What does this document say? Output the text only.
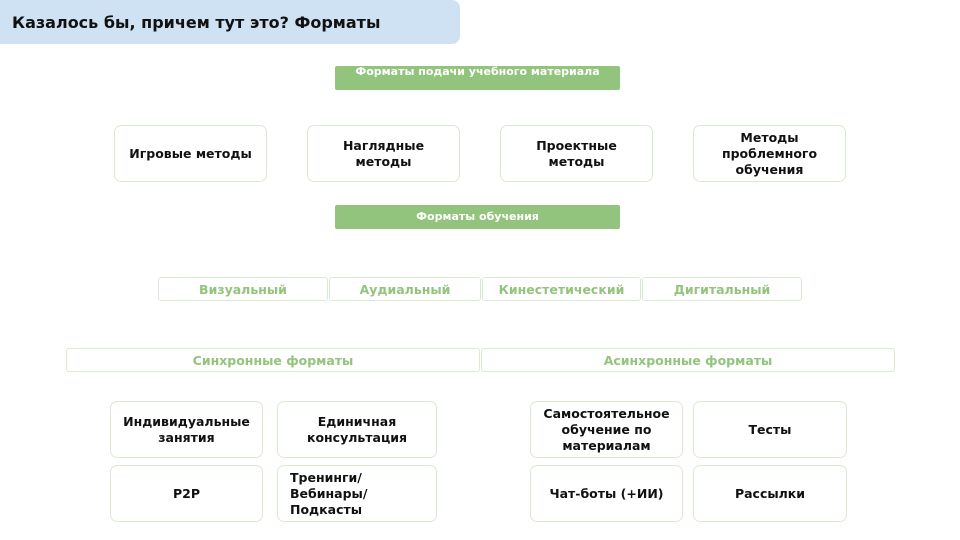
Казалось бы, причем тут это? Форматы
Форматы подачи учебного материала
Игровые методы
Наглядные методы
Проектные методы
Методы проблемного обучения
Форматы обучения
Визуальный	Аудиальный	Кинестетический	Дигитальный
Синхронные форматы	Асинхронные форматы
Индивидуальные занятия
Единичная консультация
P2P
Тренинги/ Вебинары/ Подкасты
Самостоятельное обучение по материалам
Тесты
Чат-боты (+ИИ)	Рассылки
